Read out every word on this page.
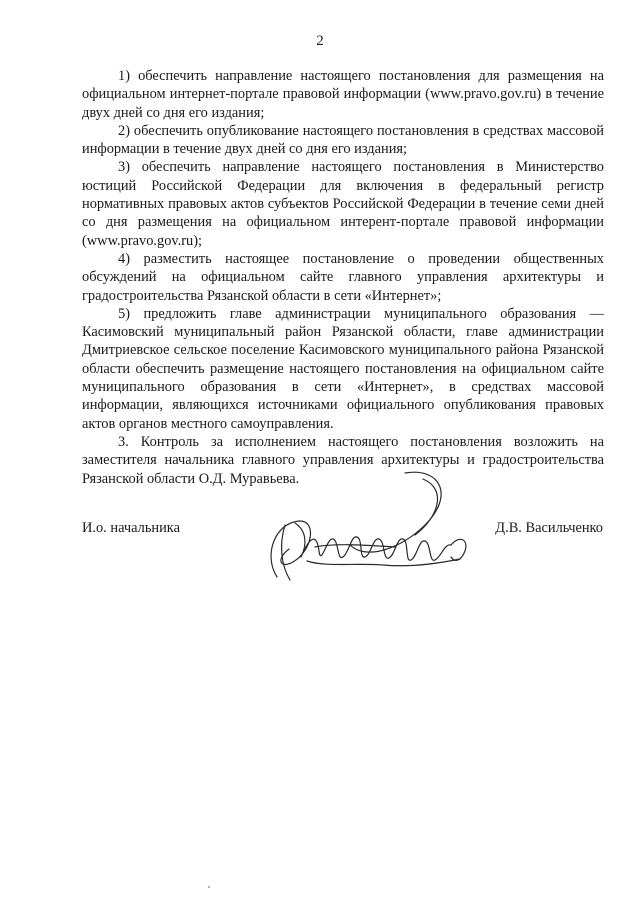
2

1) обеспечить направление настоящего постановления для размещения на официальном интернет-портале правовой информации (www.pravo.gov.ru) в течение двух дней со дня его издания;

2) обеспечить опубликование настоящего постановления в средствах массовой информации в течение двух дней со дня его издания;

3) обеспечить направление настоящего постановления в Министерство юстиций Российской Федерации для включения в федеральный регистр нормативных правовых актов субъектов Российской Федерации в течение семи дней со дня размещения на официальном интерент-портале правовой информации (www.pravo.gov.ru);

4) разместить настоящее постановление о проведении общественных обсуждений на официальном сайте главного управления архитектуры и градостроительства Рязанской области в сети «Интернет»;

5) предложить главе администрации муниципального образования — Касимовский муниципальный район Рязанской области, главе администрации Дмитриевское сельское поселение Касимовского муниципального района Рязанской области обеспечить размещение настоящего постановления на официальном сайте муниципального образования в сети «Интернет», в средствах массовой информации, являющихся источниками официального опубликования правовых актов органов местного самоуправления.

3. Контроль за исполнением настоящего постановления возложить на заместителя начальника главного управления архитектуры и градостроительства Рязанской области О.Д. Муравьева.

И.о. начальника	Д.В. Васильченко
